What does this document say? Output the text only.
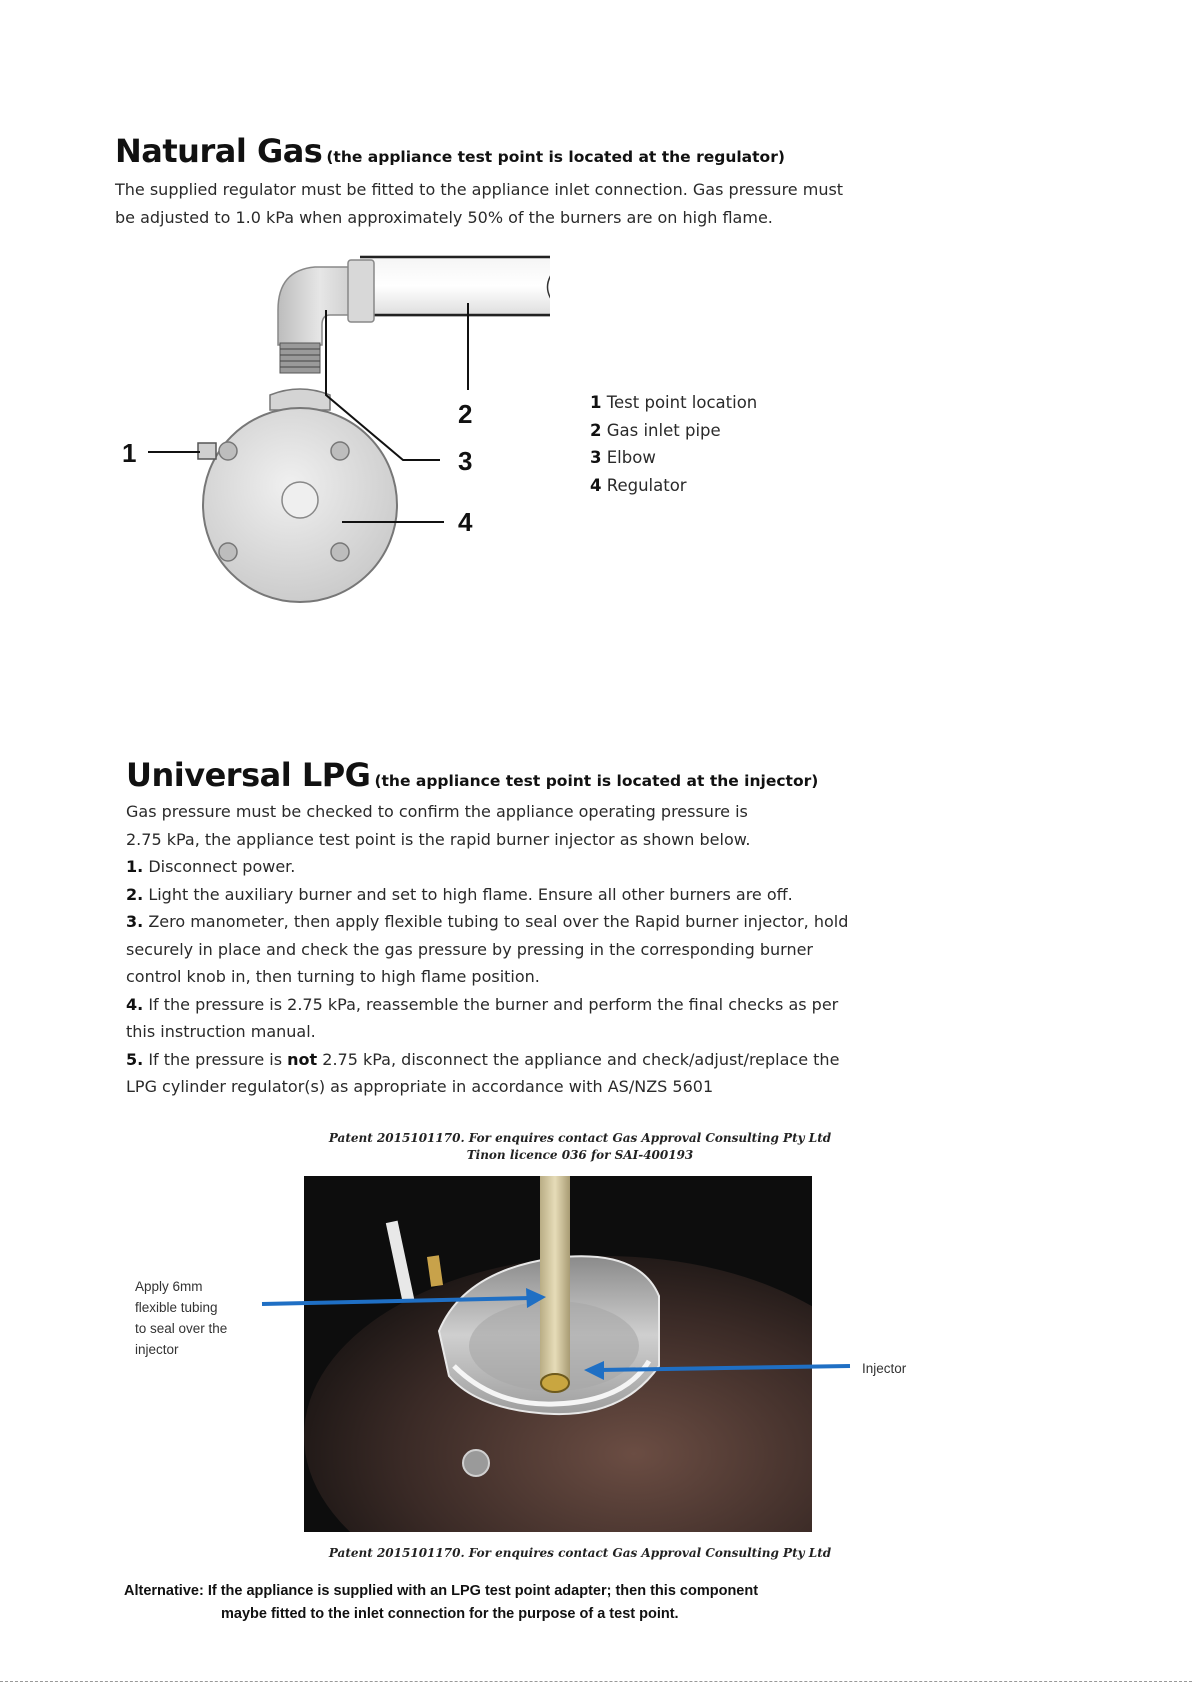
Natural Gas (the appliance test point is located at the regulator)
The supplied regulator must be fitted to the appliance inlet connection. Gas pressure must
be adjusted to 1.0 kPa when approximately 50% of the burners are on high flame.
1
2
3
4
1 Test point location
2 Gas inlet pipe
3 Elbow
4 Regulator
Universal LPG (the appliance test point is located at the injector)
Gas pressure must be checked to confirm the appliance operating pressure is
2.75 kPa, the appliance test point is the rapid burner injector as shown below.
1. Disconnect power.
2. Light the auxiliary burner and set to high flame. Ensure all other burners are off.
3. Zero manometer, then apply flexible tubing to seal over the Rapid burner injector, hold
securely in place and check the gas pressure by pressing in the corresponding burner
control knob in, then turning to high flame position.
4. If the pressure is 2.75 kPa, reassemble the burner and perform the final checks as per
this instruction manual.
5. If the pressure is not 2.75 kPa, disconnect the appliance and check/adjust/replace the
LPG cylinder regulator(s) as appropriate in accordance with AS/NZS 5601
Patent 2015101170. For enquires contact Gas Approval Consulting Pty Ltd
Tinon licence 036 for SAI-400193
Apply 6mm
flexible tubing
to seal over the
injector
Injector
Patent 2015101170. For enquires contact Gas Approval Consulting Pty Ltd
Alternative: If the appliance is supplied with an LPG test point adapter; then this component
maybe fitted to the inlet connection for the purpose of a test point.
